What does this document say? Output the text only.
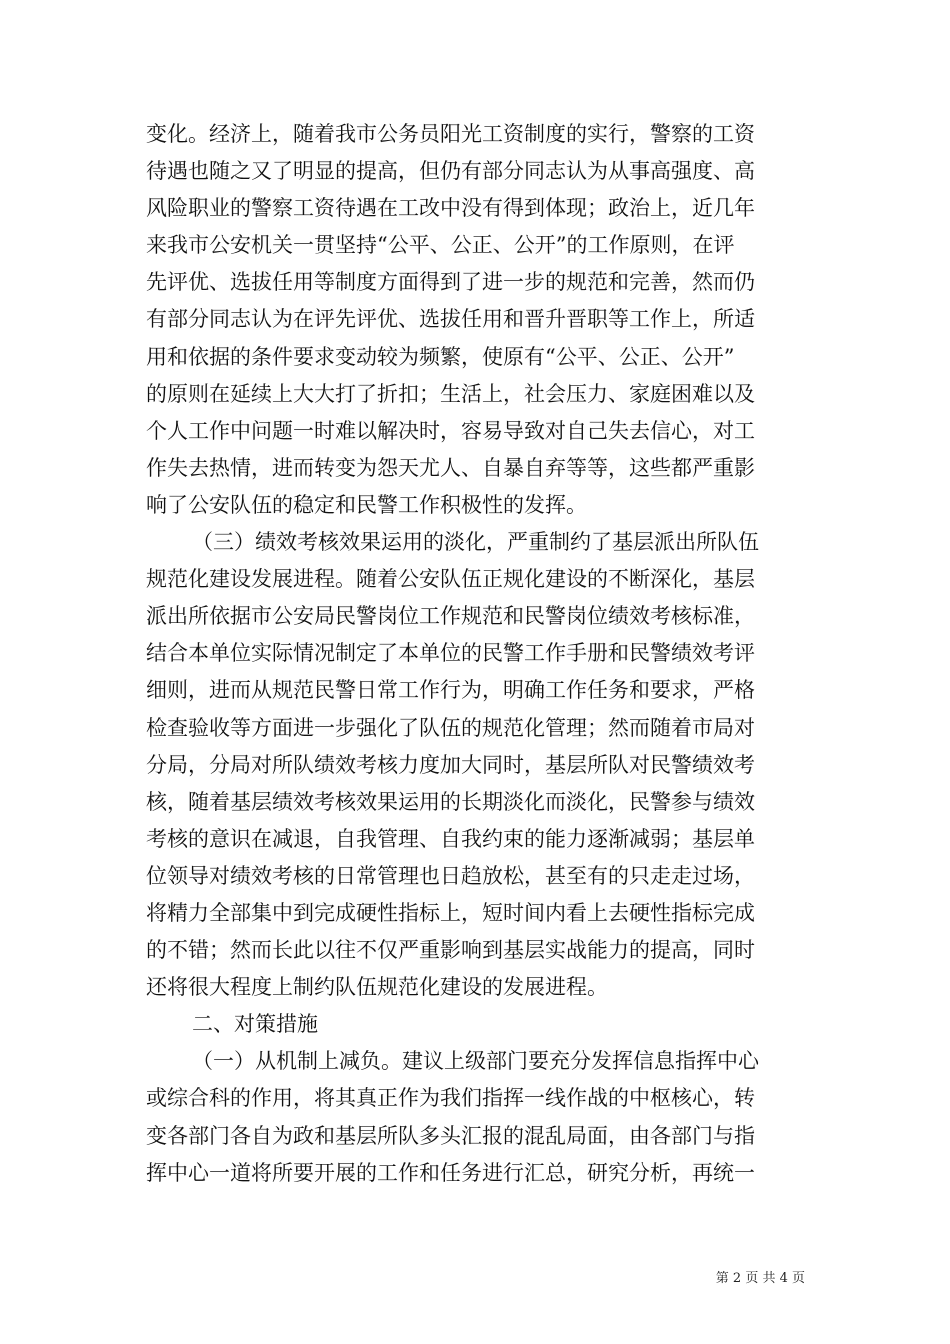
变化。经济上，随着我市公务员阳光工资制度的实行，警察的工资
待遇也随之又了明显的提高，但仍有部分同志认为从事高强度、高
风险职业的警察工资待遇在工改中没有得到体现；政治上，近几年
来我市公安机关一贯坚持“公平、公正、公开”的工作原则，在评
先评优、选拔任用等制度方面得到了进一步的规范和完善，然而仍
有部分同志认为在评先评优、选拔任用和晋升晋职等工作上，所适
用和依据的条件要求变动较为频繁，使原有“公平、公正、公开”
的原则在延续上大大打了折扣；生活上，社会压力、家庭困难以及
个人工作中问题一时难以解决时，容易导致对自己失去信心，对工
作失去热情，进而转变为怨天尤人、自暴自弃等等，这些都严重影
响了公安队伍的稳定和民警工作积极性的发挥。
（三）绩效考核效果运用的淡化，严重制约了基层派出所队伍
规范化建设发展进程。随着公安队伍正规化建设的不断深化，基层
派出所依据市公安局民警岗位工作规范和民警岗位绩效考核标准，
结合本单位实际情况制定了本单位的民警工作手册和民警绩效考评
细则，进而从规范民警日常工作行为，明确工作任务和要求，严格
检查验收等方面进一步强化了队伍的规范化管理；然而随着市局对
分局，分局对所队绩效考核力度加大同时，基层所队对民警绩效考
核，随着基层绩效考核效果运用的长期淡化而淡化，民警参与绩效
考核的意识在减退，自我管理、自我约束的能力逐渐减弱；基层单
位领导对绩效考核的日常管理也日趋放松，甚至有的只走走过场，
将精力全部集中到完成硬性指标上，短时间内看上去硬性指标完成
的不错；然而长此以往不仅严重影响到基层实战能力的提高，同时
还将很大程度上制约队伍规范化建设的发展进程。
二、对策措施
（一）从机制上减负。建议上级部门要充分发挥信息指挥中心
或综合科的作用，将其真正作为我们指挥一线作战的中枢核心，转
变各部门各自为政和基层所队多头汇报的混乱局面，由各部门与指
挥中心一道将所要开展的工作和任务进行汇总，研究分析，再统一
第 2 页 共 4 页
